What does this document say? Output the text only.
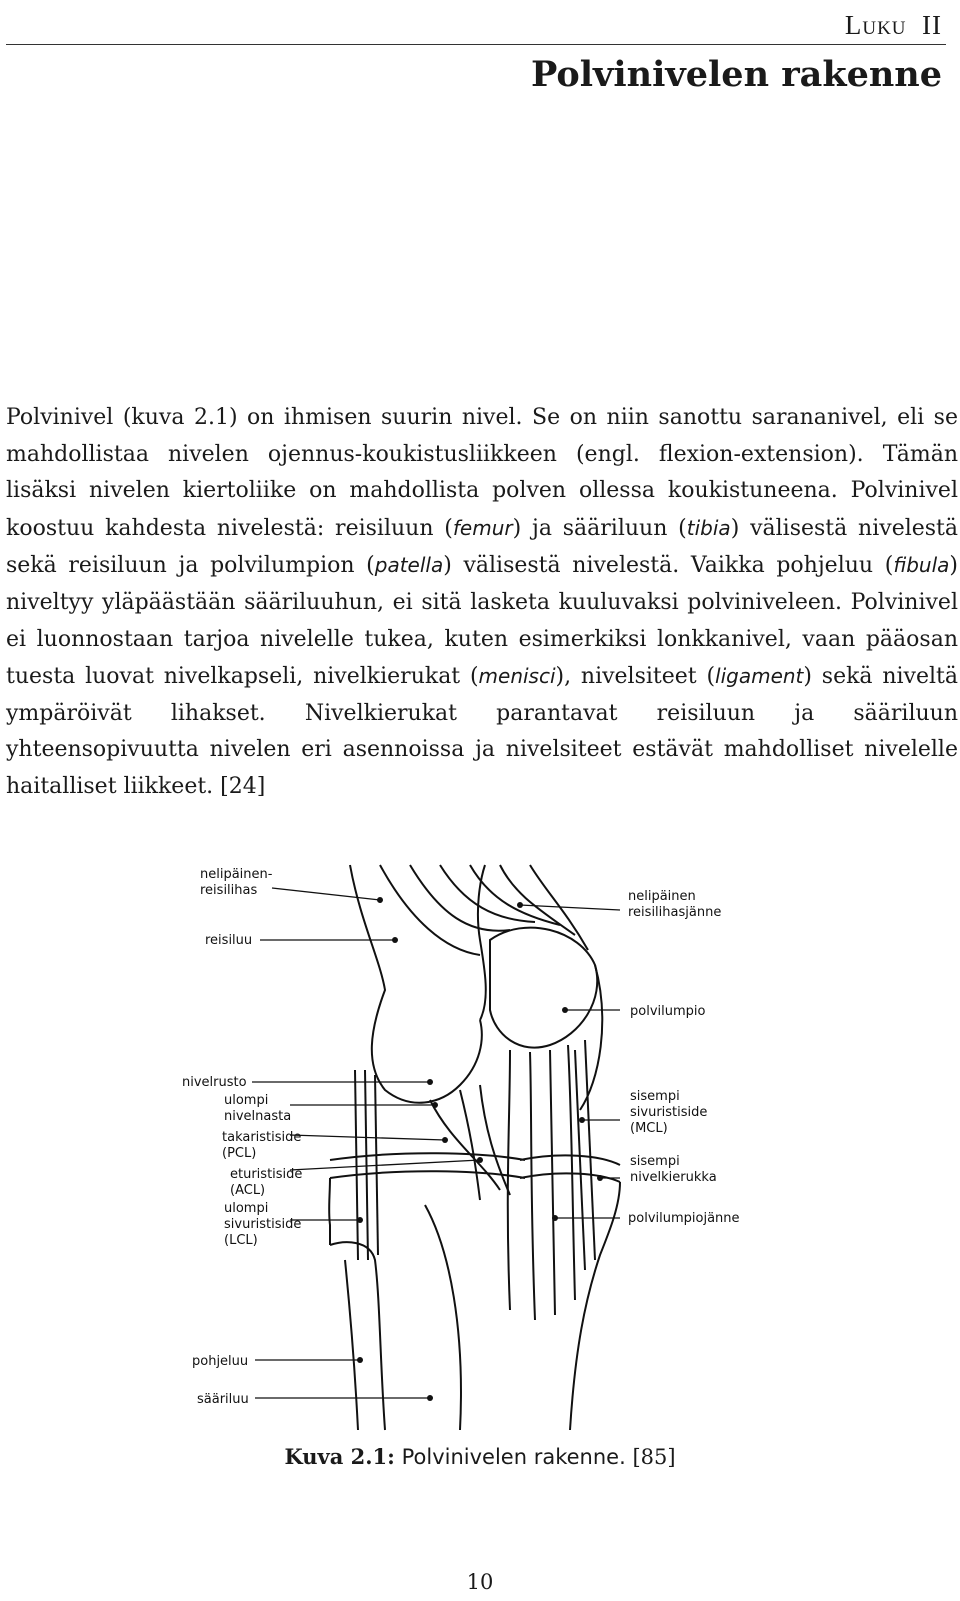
Luku II
Polvinivelen rakenne

Polvinivel (kuva 2.1) on ihmisen suurin nivel. Se on niin sanottu sarananivel, eli se mahdollistaa nivelen ojennus-koukistusliikkeen (engl. flexion-extension). Tämän lisäksi nivelen kiertoliike on mahdollista polven ollessa koukistuneena. Polvinivel koostuu kahdesta nivelestä: reisiluun (femur) ja sääriluun (tibia) välisestä nivelestä sekä reisiluun ja polvilumpion (patella) välisestä nivelestä. Vaikka pohjeluu (fibula) niveltyy yläpäästään sääriluuhun, ei sitä lasketa kuuluvaksi polviniveleen. Polvinivel ei luonnostaan tarjoa nivelelle tukea, kuten esimerkiksi lonkkanivel, vaan pääosan tuesta luovat nivelkapseli, nivelkierukat (menisci), nivelsiteet (ligament) sekä niveltä ympäröivät lihakset. Nivelkierukat parantavat reisiluun ja sääriluun yhteensopivuutta nivelen eri asennoissa ja nivelsiteet estävät mahdolliset nivelelle haitalliset liikkeet. [24]

nelipäinen-
reisilihas
reisiluu
nivelrusto
ulompi
nivelnasta
takaristiside
(PCL)
eturistiside
(ACL)
ulompi
sivuristiside
(LCL)
pohjeluu
sääriluu
nelipäinen
reisilihasjänne
polvilumpio
sisempi
sivuristiside
(MCL)
sisempi
nivelkierukka
polvilumpiojänne
Kuva 2.1: Polvinivelen rakenne. [85]
10
